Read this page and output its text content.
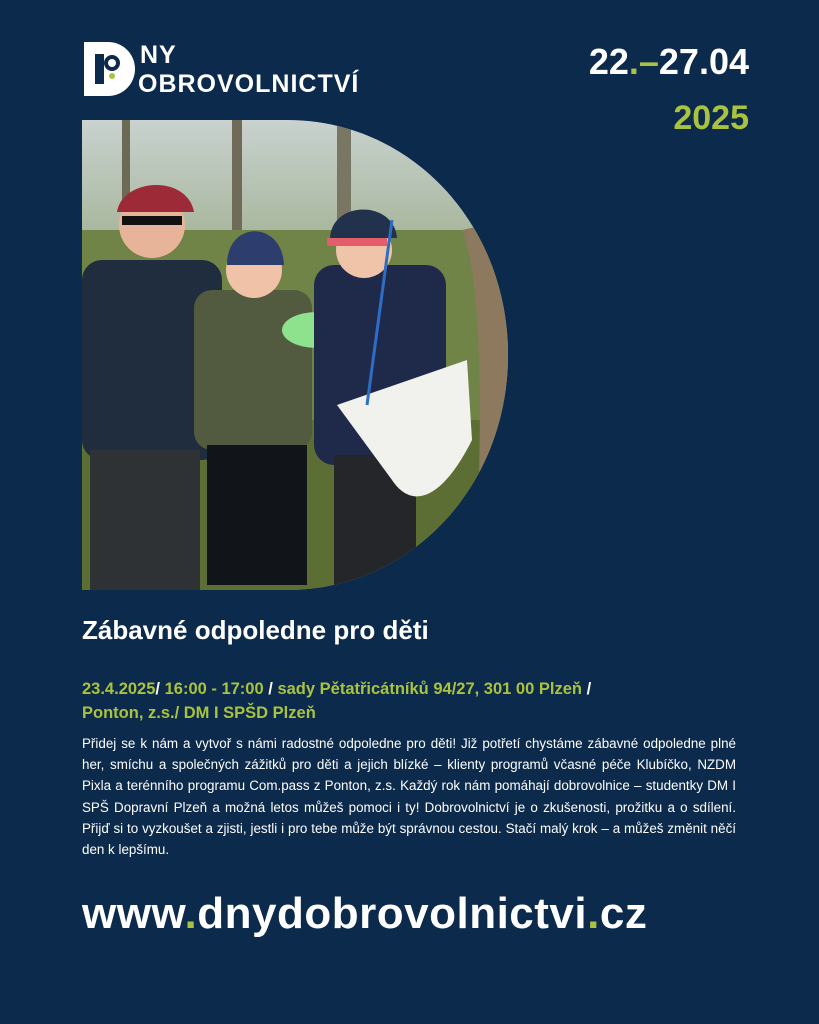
NY
OBROVOLNICTVÍ
22.–27.04
2025
Zábavné odpoledne pro děti
23.4.2025/ 16:00 - 17:00 / sady Pětatřicátníků 94/27, 301 00 Plzeň /
Ponton, z.s./ DM I SPŠD Plzeň
Přidej se k nám a vytvoř s námi radostné odpoledne pro děti! Již potřetí chystáme zábavné odpoledne plné her, smíchu a společných zážitků pro děti a jejich blízké – klienty programů včasné péče Klubíčko, NZDM Pixla a terénního programu Com.pass z Ponton, z.s. Každý rok nám pomáhají dobrovolnice – studentky DM I SPŠ Dopravní Plzeň a možná letos můžeš pomoci i ty! Dobrovolnictví je o zkušenosti, prožitku a o sdílení. Přijď si to vyzkoušet a zjisti, jestli i pro tebe může být správnou cestou. Stačí malý krok – a můžeš změnit něčí den k lepšímu.
www.dnydobrovolnictvi.cz
